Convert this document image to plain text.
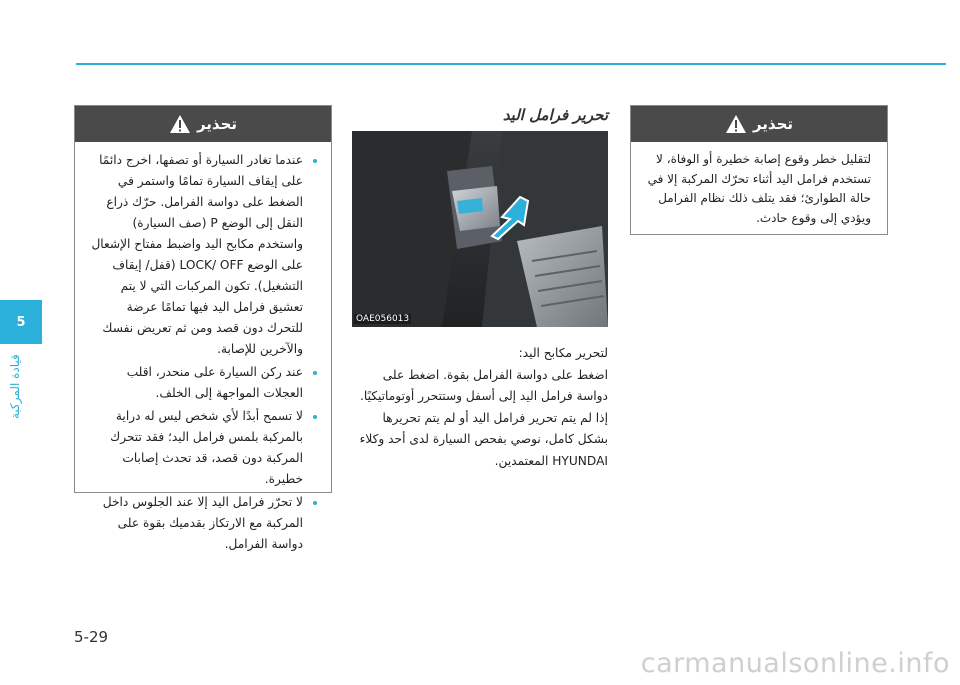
5
قيادة المركبة
تحذير
• عندما تغادر السيارة أو تصفها، اخرج دائمًا على إيقاف السيارة تمامًا واستمر في الضغط على دواسة الفرامل. حرّك ذراع النقل إلى الوضع P (صف السيارة) واستخدم مكابح اليد واضبط مفتاح الإشعال على الوضع LOCK/ OFF (قفل/ إيقاف التشغيل). تكون المركبات التي لا يتم تعشيق فرامل اليد فيها تمامًا عرضة للتحرك دون قصد ومن ثم تعريض نفسك والآخرين للإصابة.
• عند ركن السيارة على منحدر، اقلب العجلات المواجهة إلى الخلف.
• لا تسمح أبدًا لأي شخص ليس له دراية بالمركبة بلمس فرامل اليد؛ فقد تتحرك المركبة دون قصد، قد تحدث إصابات خطيرة.
• لا تحرّر فرامل اليد إلا عند الجلوس داخل المركبة مع الارتكاز بقدميك بقوة على دواسة الفرامل.
تحرير فرامل اليد
OAE056013

لتحرير مكابح اليد:

اضغط على دواسة الفرامل بقوة. اضغط على دواسة فرامل اليد إلى أسفل وستتحرر أوتوماتيكيًا.

إذا لم يتم تحرير فرامل اليد أو لم يتم تحريرها بشكل كامل، نوصي بفحص السيارة لدى أحد وكلاء HYUNDAI المعتمدين.

تحذير
لتقليل خطر وقوع إصابة خطيرة أو الوفاة، لا تستخدم فرامل اليد أثناء تحرّك المركبة إلا في حالة الطوارئ؛ فقد يتلف ذلك نظام الفرامل ويؤدي إلى وقوع حادث.
5-29
carmanualsonline.info
